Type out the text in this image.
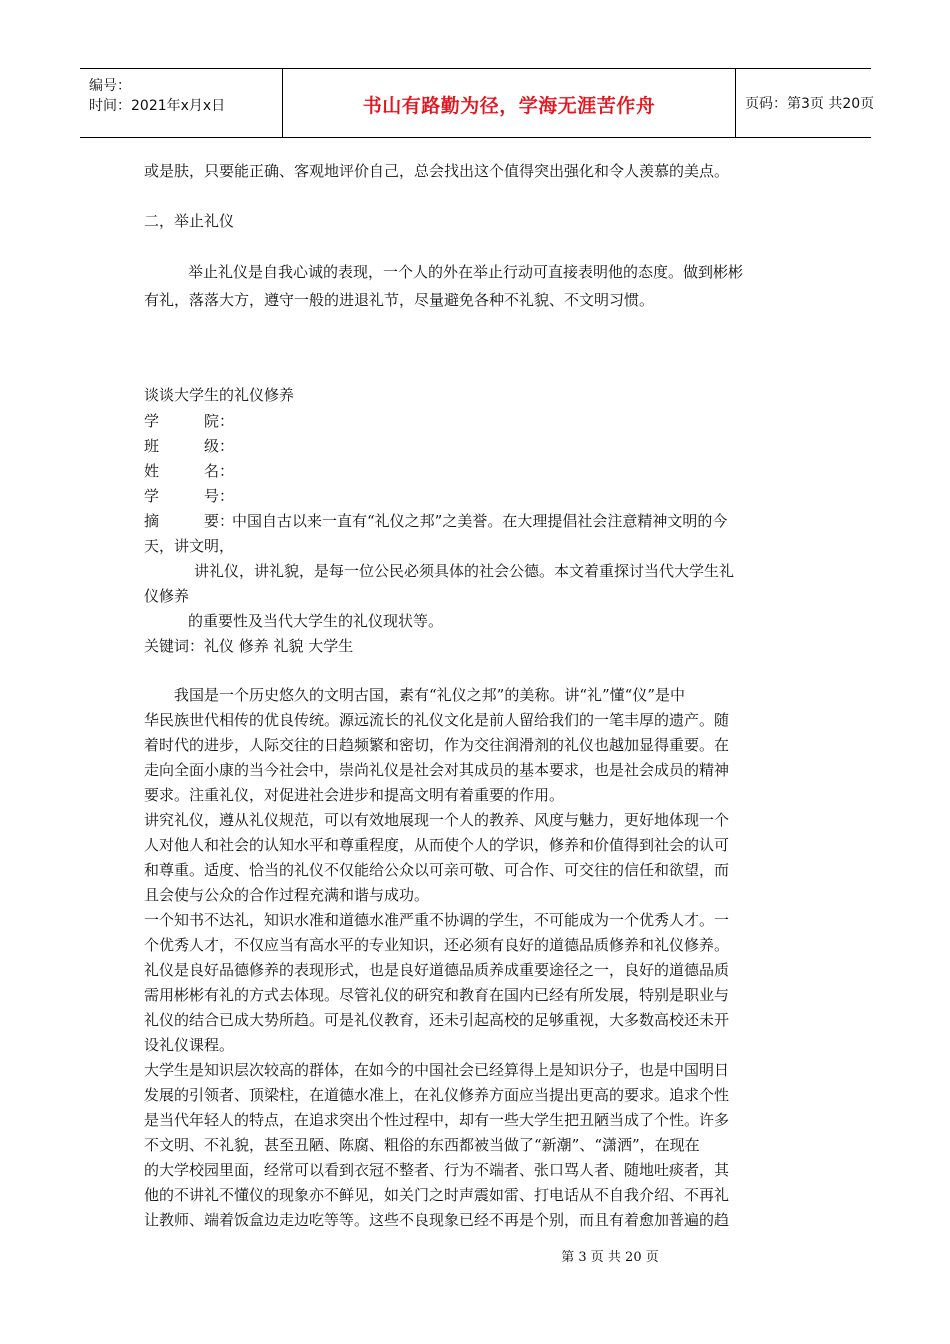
编号：
时间：2021年x月x日	书山有路勤为径，学海无涯苦作舟	页码：第3页 共20页
或是肤，只要能正确、客观地评价自己，总会找出这个值得突出强化和令人羡慕的美点。
二，举止礼仪
举止礼仪是自我心诚的表现，一个人的外在举止行动可直接表明他的态度。做到彬彬
有礼，落落大方，遵守一般的进退礼节，尽量避免各种不礼貌、不文明习惯。
谈谈大学生的礼仪修养
学	院：
班	级：
姓	名：
学	号：
摘	要：中国自古以来一直有“礼仪之邦”之美誉。在大理提倡社会注意精神文明的今
天，讲文明，
讲礼仪，讲礼貌，是每一位公民必须具体的社会公德。本文着重探讨当代大学生礼
仪修养
的重要性及当代大学生的礼仪现状等。
关键词：礼仪 修养 礼貌 大学生
我国是一个历史悠久的文明古国，素有“礼仪之邦”的美称。讲“礼”懂“仪”是中
华民族世代相传的优良传统。源远流长的礼仪文化是前人留给我们的一笔丰厚的遗产。随
着时代的进步，人际交往的日趋频繁和密切，作为交往润滑剂的礼仪也越加显得重要。在
走向全面小康的当今社会中，崇尚礼仪是社会对其成员的基本要求，也是社会成员的精神
要求。注重礼仪，对促进社会进步和提高文明有着重要的作用。
讲究礼仪，遵从礼仪规范，可以有效地展现一个人的教养、风度与魅力，更好地体现一个
人对他人和社会的认知水平和尊重程度，从而使个人的学识，修养和价值得到社会的认可
和尊重。适度、恰当的礼仪不仅能给公众以可亲可敬、可合作、可交往的信任和欲望，而
且会使与公众的合作过程充满和谐与成功。
一个知书不达礼，知识水准和道德水准严重不协调的学生，不可能成为一个优秀人才。一
个优秀人才，不仅应当有高水平的专业知识，还必须有良好的道德品质修养和礼仪修养。
礼仪是良好品德修养的表现形式，也是良好道德品质养成重要途径之一，良好的道德品质
需用彬彬有礼的方式去体现。尽管礼仪的研究和教育在国内已经有所发展，特别是职业与
礼仪的结合已成大势所趋。可是礼仪教育，还未引起高校的足够重视，大多数高校还未开
设礼仪课程。
大学生是知识层次较高的群体，在如今的中国社会已经算得上是知识分子，也是中国明日
发展的引领者、顶梁柱，在道德水准上，在礼仪修养方面应当提出更高的要求。追求个性
是当代年轻人的特点，在追求突出个性过程中，却有一些大学生把丑陋当成了个性。许多
不文明、不礼貌，甚至丑陋、陈腐、粗俗的东西都被当做了“新潮”、“潇洒”，在现在
的大学校园里面，经常可以看到衣冠不整者、行为不端者、张口骂人者、随地吐痰者，其
他的不讲礼不懂仪的现象亦不鲜见，如关门之时声震如雷、打电话从不自我介绍、不再礼
让教师、端着饭盒边走边吃等等。这些不良现象已经不再是个别，而且有着愈加普遍的趋
第 3 页 共 20 页
